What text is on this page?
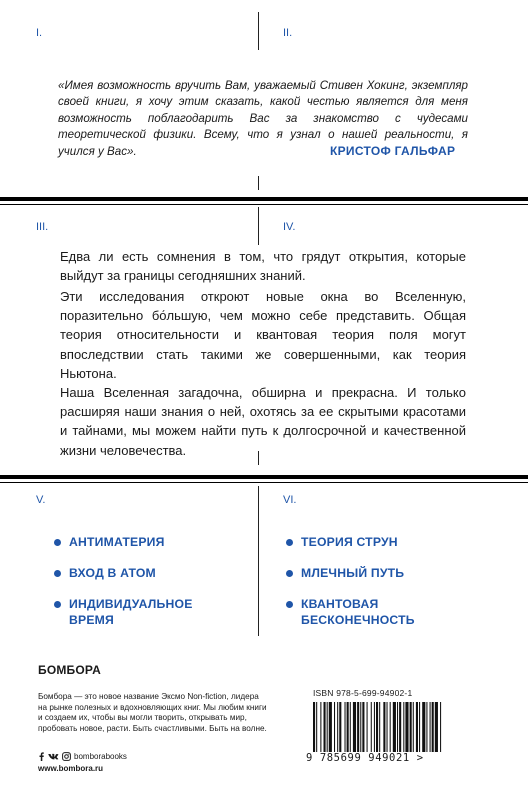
I.	II.
«Имея возможность вручить Вам, уважаемый Стивен Хокинг, экземпляр своей книги, я хочу этим сказать, какой честью является для меня возможность поблагодарить Вас за знакомство с чудесами теоретической физики. Всему, что я узнал о нашей реальности, я учился у Вас».	КРИСТОФ ГАЛЬФАР
III.	IV.

Едва ли есть сомнения в том, что грядут открытия, которые выйдут за границы сегодняшних знаний.

Эти исследования откроют новые окна во Вселенную, поразительно бо́льшую, чем можно себе представить. Общая теория относительности и квантовая теория поля могут впоследствии стать такими же совершенными, как теория Ньютона.

Наша Вселенная загадочна, обширна и прекрасна. И только расширяя наши знания о ней, охотясь за ее скрытыми красотами и тайнами, мы можем найти путь к долгосрочной и качественной жизни человечества.

V.	VI.
АНТИМАТЕРИЯ
ВХОД В АТОМ
ИНДИВИДУАЛЬНОЕ ВРЕМЯ
ТЕОРИЯ СТРУН
МЛЕЧНЫЙ ПУТЬ
КВАНТОВАЯ БЕСКОНЕЧНОСТЬ
БОМБОРА
Бомбора — это новое название Эксмо Non-fiction, лидера на рынке полезных и вдохновляющих книг. Мы любим книги и создаем их, чтобы вы могли творить, открывать мир, пробовать новое, расти. Быть счастливыми. Быть на волне.
bomborabooks
www.bombora.ru
ISBN 978-5-699-94902-1
9 785699 949021 >
